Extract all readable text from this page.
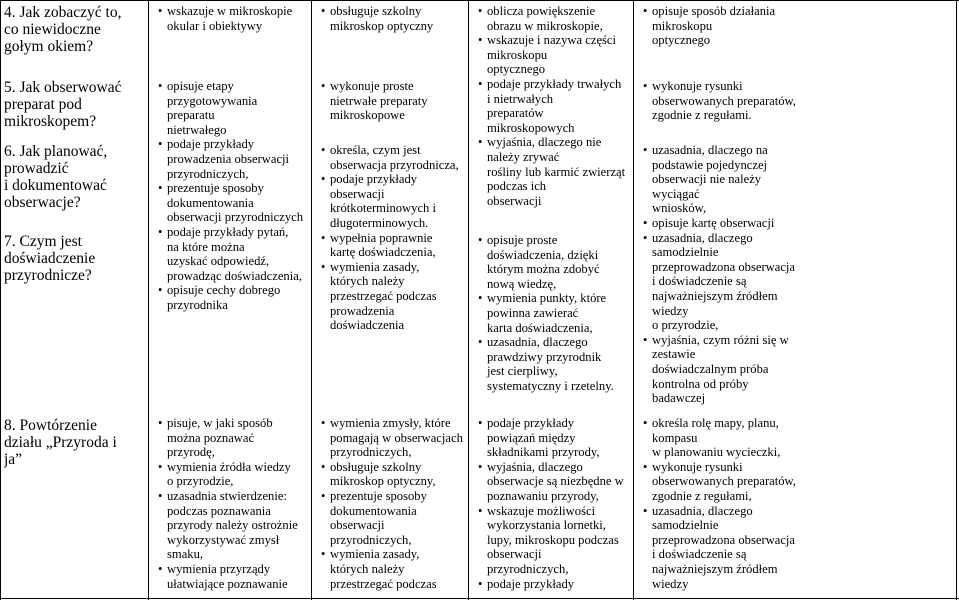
4. Jak zobaczyć to,

co niewidoczne

gołym okiem?

5. Jak obserwować

preparat pod

mikroskopem?

6. Jak planować,

prowadzić

i dokumentować

obserwacje?

7. Czym jest

doświadczenie

przyrodnicze?

8. Powtórzenie

działu „Przyroda i

ja”

• wskazuje w mikroskopie

okular i obiektywy

• opisuje etapy

przygotowywania

preparatu

nietrwałego

• podaje przykłady

prowadzenia obserwacji

przyrodniczych,

• prezentuje sposoby

dokumentowania

obserwacji przyrodniczych

• podaje przykłady pytań,

na które można

uzyskać odpowiedź,

prowadząc doświadczenia,

• opisuje cechy dobrego

przyrodnika

• pisuje, w jaki sposób

można poznawać

przyrodę,

• wymienia źródła wiedzy

o przyrodzie,

• uzasadnia stwierdzenie:

podczas poznawania

przyrody należy ostrożnie

wykorzystywać zmysł

smaku,

• wymienia przyrządy

ułatwiające poznawanie

• obsługuje szkolny

mikroskop optyczny

• wykonuje proste

nietrwałe preparaty

mikroskopowe

• określa, czym jest

obserwacja przyrodnicza,

• podaje przykłady

obserwacji

krótkoterminowych i

długoterminowych.

• wypełnia poprawnie

kartę doświadczenia,

• wymienia zasady,

których należy

przestrzegać podczas

prowadzenia

doświadczenia

• wymienia zmysły, które

pomagają w obserwacjach

przyrodniczych,

• obsługuje szkolny

mikroskop optyczny,

• prezentuje sposoby

dokumentowania

obserwacji

przyrodniczych,

• wymienia zasady,

których należy

przestrzegać podczas

• oblicza powiększenie

obrazu w mikroskopie,

• wskazuje i nazywa części

mikroskopu

optycznego

• podaje przykłady trwałych

i nietrwałych

preparatów

mikroskopowych

• wyjaśnia, dlaczego nie

należy zrywać

rośliny lub karmić zwierząt

podczas ich

obserwacji

• opisuje proste

doświadczenia, dzięki

którym można zdobyć

nową wiedzę,

• wymienia punkty, które

powinna zawierać

karta doświadczenia,

• uzasadnia, dlaczego

prawdziwy przyrodnik

jest cierpliwy,

systematyczny i rzetelny.

• podaje przykłady

powiązań między

składnikami przyrody,

• wyjaśnia, dlaczego

obserwacje są niezbędne w

poznawaniu przyrody,

• wskazuje możliwości

wykorzystania lornetki,

lupy, mikroskopu podczas

obserwacji

przyrodniczych,

• podaje przykłady

• opisuje sposób działania

mikroskopu

optycznego

• wykonuje rysunki

obserwowanych preparatów,

zgodnie z regułami.

• uzasadnia, dlaczego na

podstawie pojedynczej

obserwacji nie należy

wyciągać

wniosków,

• opisuje kartę obserwacji

• uzasadnia, dlaczego

samodzielnie

przeprowadzona obserwacja

i doświadczenie są

najważniejszym źródłem

wiedzy

o przyrodzie,

• wyjaśnia, czym różni się w

zestawie

doświadczalnym próba

kontrolna od próby

badawczej

• określa rolę mapy, planu,

kompasu

w planowaniu wycieczki,

• wykonuje rysunki

obserwowanych preparatów,

zgodnie z regułami,

• uzasadnia, dlaczego

samodzielnie

przeprowadzona obserwacja

i doświadczenie są

najważniejszym źródłem

wiedzy
